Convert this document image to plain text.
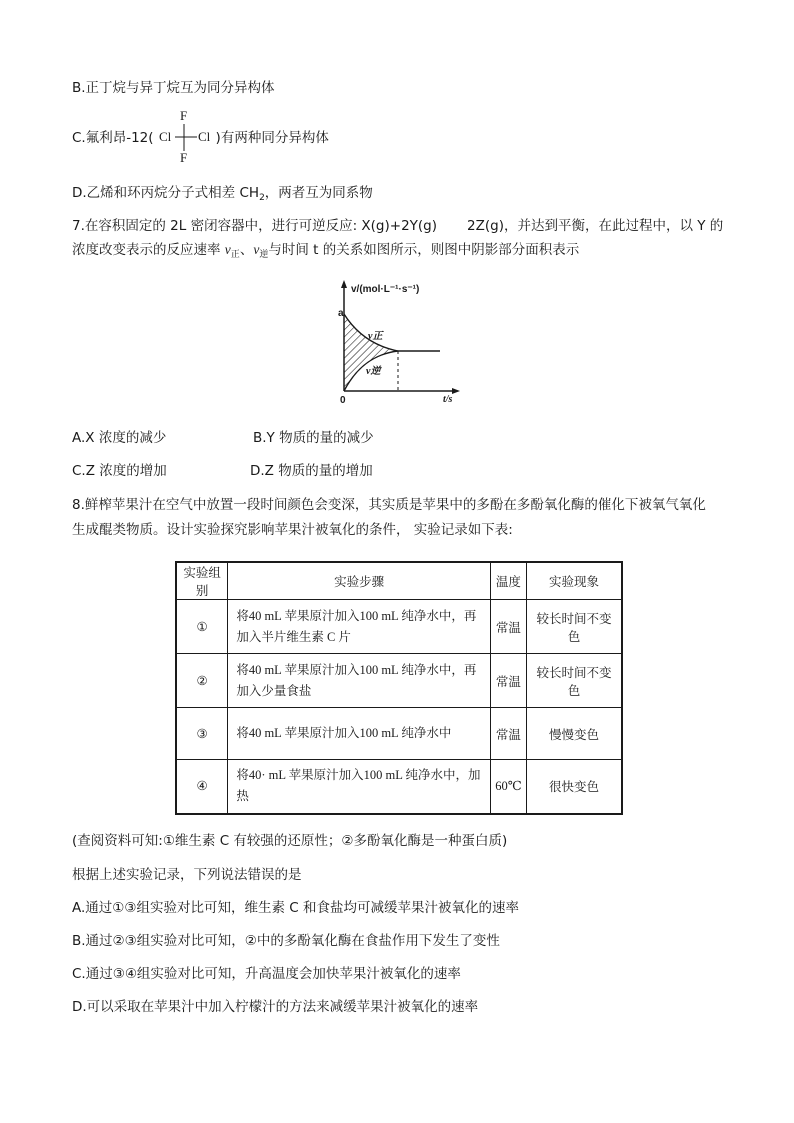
B.正丁烷与异丁烷互为同分异构体
C.氟利昂-12(	)有两种同分异构体
F
Cl Cl
F
D.乙烯和环丙烷分子式相差 $CH_2$，两者互为同系物
7.在容积固定的 2L 密闭容器中，进行可逆反应: X(g)+2Y(g) 2Z(g)，并达到平衡，在此过程中，以 Y 的
浓度改变表示的反应速率 $v_正$、$v_逆$与时间 t 的关系如图所示，则图中阴影部分面积表示
v/(mol·L⁻¹·s⁻¹)
a
v正
v逆
0	t/s
A.X 浓度的减少	B.Y 物质的量的减少
C.Z 浓度的增加	D.Z 物质的量的增加
8.鲜榨苹果汁在空气中放置一段时间颜色会变深，其实质是苹果中的多酚在多酚氧化酶的催化下被氧气氧化
生成醌类物质。设计实验探究影响苹果汁被氧化的条件， 实验记录如下表:
实验组别	实验步骤	温度	实验现象
①	将40 mL 苹果原汁加入100 mL 纯净水中，再加入半片维生素 C 片	常温	较长时间不变色
②	将40 mL 苹果原汁加入100 mL 纯净水中，再加入少量食盐	常温	较长时间不变色
③	将40 mL 苹果原汁加入100 mL 纯净水中	常温	慢慢变色
④	将40· mL 苹果原汁加入100 mL 纯净水中，加热	60℃	很快变色
(查阅资料可知:①维生素 C 有较强的还原性；②多酚氧化酶是一种蛋白质)
根据上述实验记录，下列说法错误的是
A.通过①③组实验对比可知，维生素 C 和食盐均可减缓苹果汁被氧化的速率
B.通过②③组实验对比可知，②中的多酚氧化酶在食盐作用下发生了变性
C.通过③④组实验对比可知，升高温度会加快苹果汁被氧化的速率
D.可以采取在苹果汁中加入柠檬汁的方法来减缓苹果汁被氧化的速率
